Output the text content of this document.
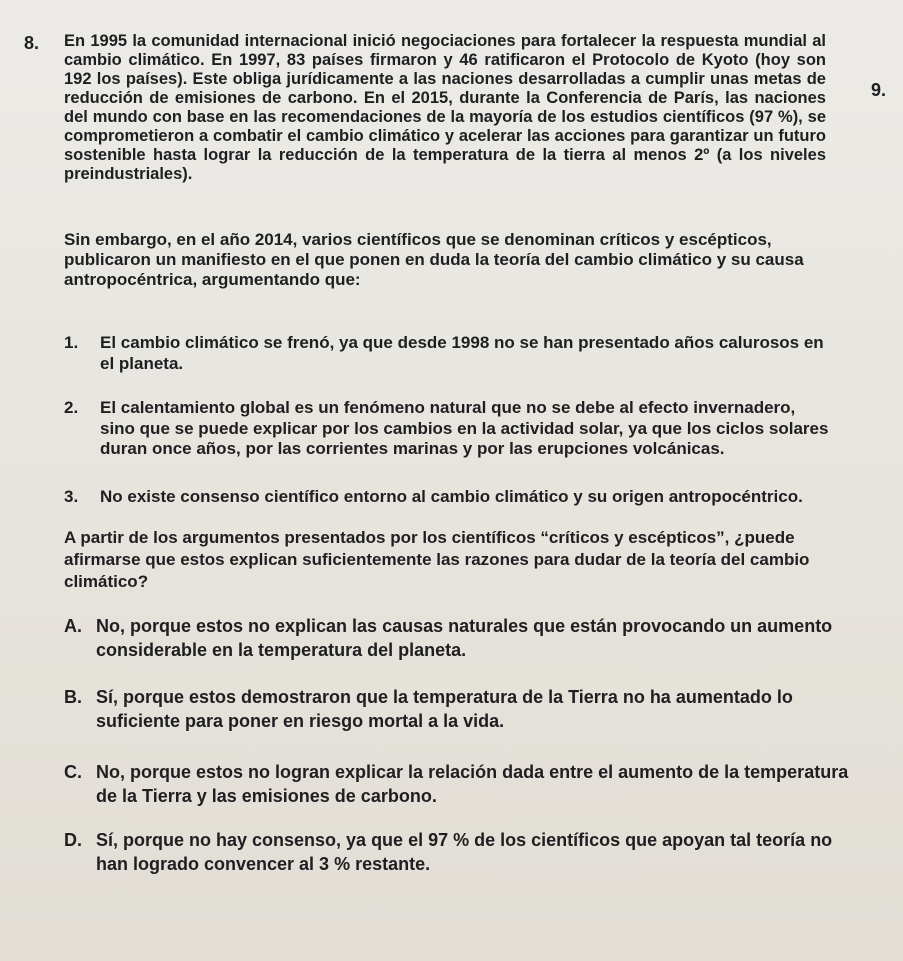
8.
9.
En 1995 la comunidad internacional inició negociaciones para fortalecer la respuesta mundial al cambio climático. En 1997, 83 países firmaron y 46 ratificaron el Protocolo de Kyoto (hoy son 192 los países). Este obliga jurídicamente a las naciones desarrolladas a cumplir unas metas de reducción de emisiones de carbono. En el 2015, durante la Conferencia de París, las naciones del mundo con base en las recomendaciones de la mayoría de los estudios científicos (97 %), se comprometieron a combatir el cambio climático y acelerar las acciones para garantizar un futuro sostenible hasta lograr la reducción de la temperatura de la tierra al menos 2º (a los niveles preindustriales).
Sin embargo, en el año 2014, varios científicos que se denominan críticos y escépticos, publicaron un manifiesto en el que ponen en duda la teoría del cambio climático y su causa antropocéntrica, argumentando que:
1. El cambio climático se frenó, ya que desde 1998 no se han presentado años calurosos en el planeta.
2. El calentamiento global es un fenómeno natural que no se debe al efecto invernadero, sino que se puede explicar por los cambios en la actividad solar, ya que los ciclos solares duran once años, por las corrientes marinas y por las erupciones volcánicas.
3. No existe consenso científico entorno al cambio climático y su origen antropocéntrico.
A partir de los argumentos presentados por los científicos “críticos y escépticos”, ¿puede afirmarse que estos explican suficientemente las razones para dudar de la teoría del cambio climático?
A. No, porque estos no explican las causas naturales que están provocando un aumento considerable en la temperatura del planeta.
B. Sí, porque estos demostraron que la temperatura de la Tierra no ha aumentado lo suficiente para poner en riesgo mortal a la vida.
C. No, porque estos no logran explicar la relación dada entre el aumento de la temperatura de la Tierra y las emisiones de carbono.
D. Sí, porque no hay consenso, ya que el 97 % de los científicos que apoyan tal teoría no han logrado convencer al 3 % restante.
